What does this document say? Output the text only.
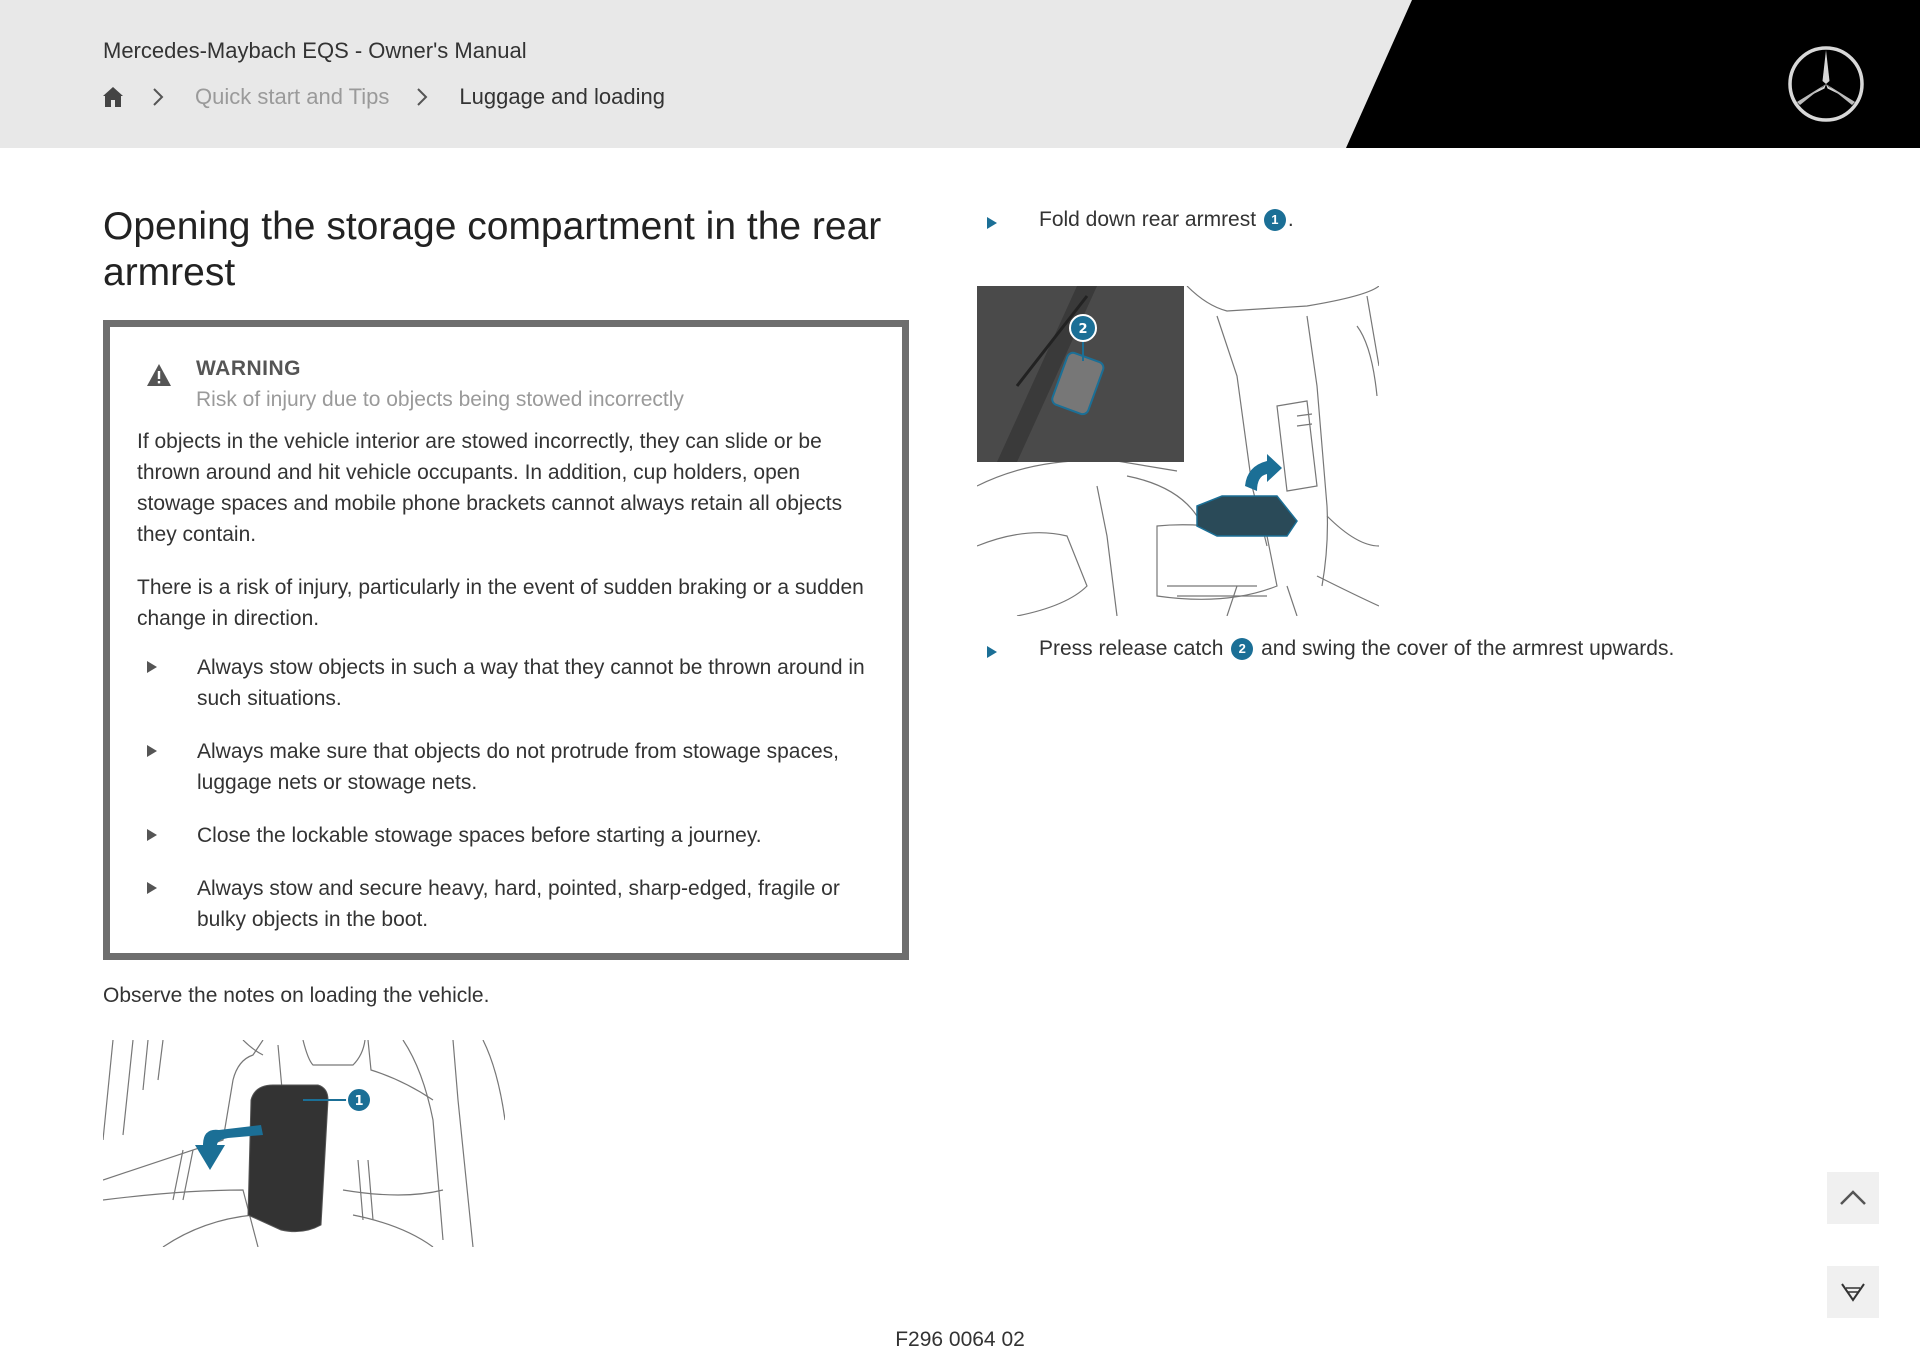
Mercedes-Maybach EQS - Owner's Manual
Quick start and Tips	Luggage and loading
Opening the storage compartment in the rear armrest
WARNING
Risk of injury due to objects being stowed incorrectly

If objects in the vehicle interior are stowed incorrectly, they can slide or be thrown around and hit vehicle occupants. In addition, cup holders, open stowage spaces and mobile phone brackets cannot always retain all objects they contain.

There is a risk of injury, particularly in the event of sudden braking or a sudden change in direction.

Always stow objects in such a way that they cannot be thrown around in such situations.
Always make sure that objects do not protrude from stowage spaces, luggage nets or stowage nets.
Close the lockable stowage spaces before starting a journey.
Always stow and secure heavy, hard, pointed, sharp-edged, fragile or bulky objects in the boot.
Observe the notes on loading the vehicle.
1
Fold down rear armrest 1 .
2
Press release catch 2 and swing the cover of the armrest upwards.
F296 0064 02
